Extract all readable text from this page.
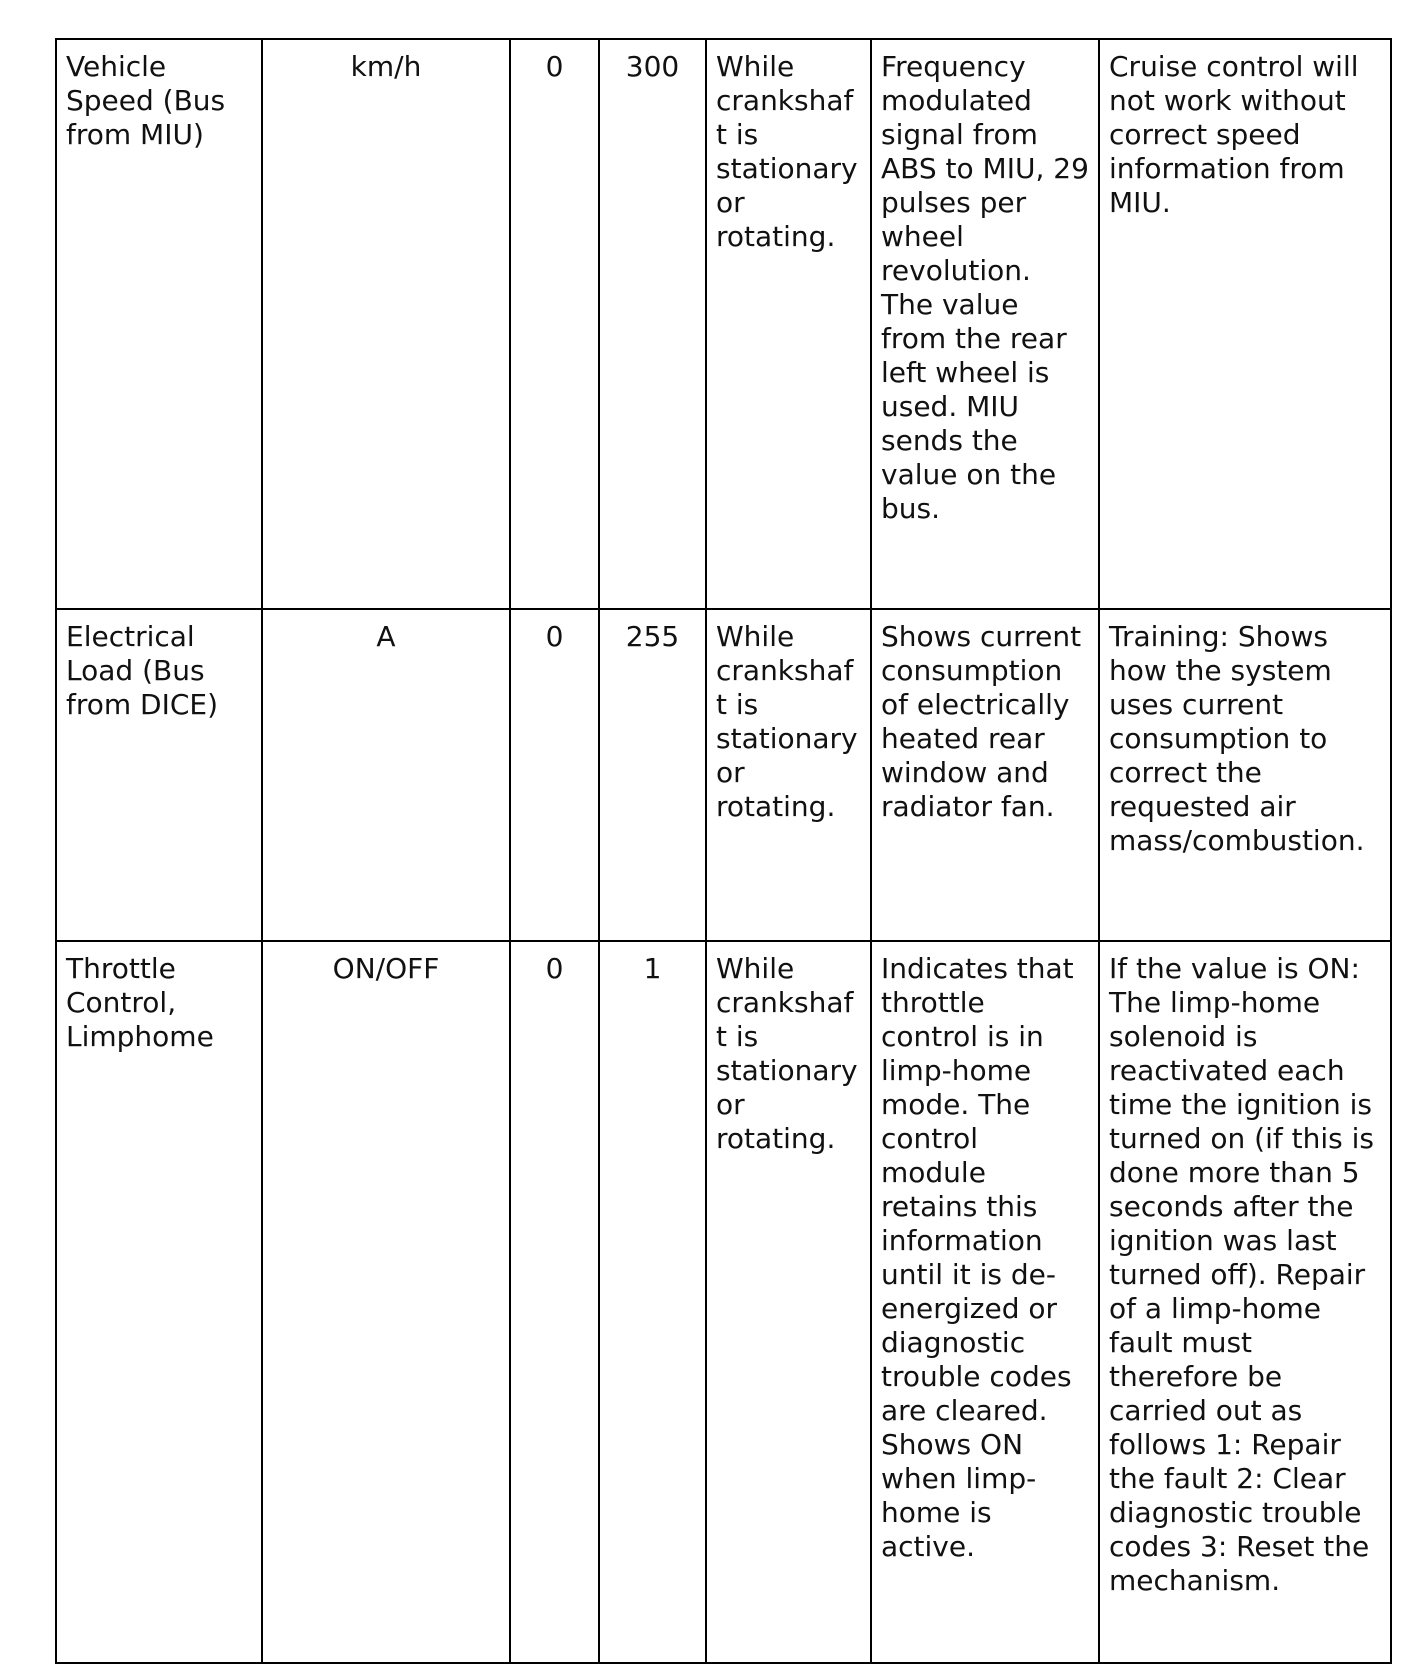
Vehicle Speed (Bus from MIU)	km/h	0	300	While crankshaft is stationary or rotating.	Frequency modulated signal from ABS to MIU, 29 pulses per wheel revolution. The value from the rear left wheel is used. MIU sends the value on the bus.	Cruise control will not work without correct speed information from MIU.
Electrical Load (Bus from DICE)	A	0	255	While crankshaft is stationary or rotating.	Shows current consumption of electrically heated rear window and radiator fan.	Training: Shows how the system uses current consumption to correct the requested air mass/combustion.
Throttle Control, Limphome	ON/OFF	0	1	While crankshaft is stationary or rotating.	Indicates that throttle control is in limp-home mode. The control module retains this information until it is de-energized or diagnostic trouble codes are cleared. Shows ON when limp-home is active.	If the value is ON: The limp-home solenoid is reactivated each time the ignition is turned on (if this is done more than 5 seconds after the ignition was last turned off). Repair of a limp-home fault must therefore be carried out as follows 1: Repair the fault 2: Clear diagnostic trouble codes 3: Reset the mechanism.
